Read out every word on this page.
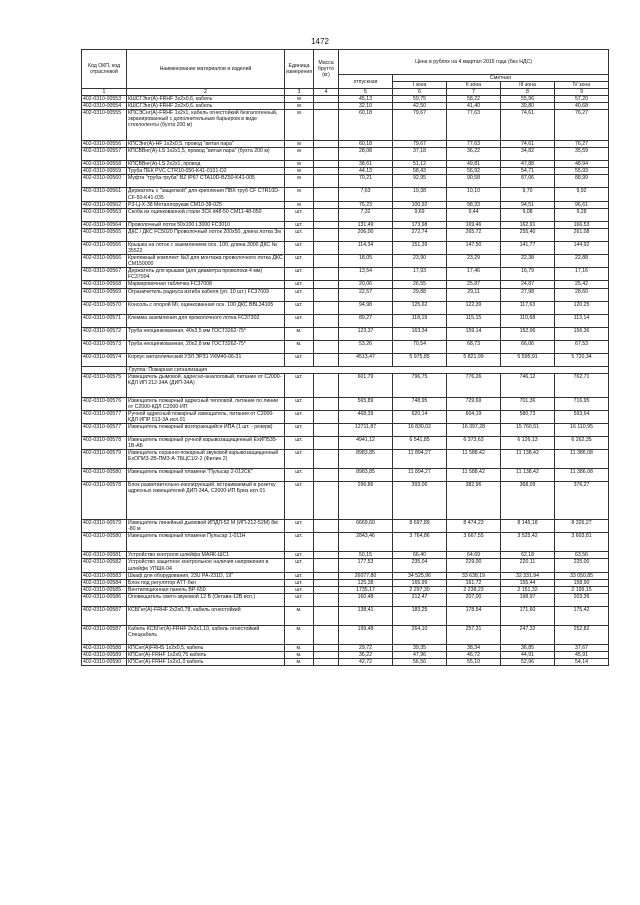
1472
Код ОКП, код отраслевой	Наименование материалов и изделий	Единица измерения	Масса брутто (кг)	Цена в рублях на 4 квартал 2015 года (без НДС)				
				отпускная	Сметная			
					I зона	II зона	III зона	IV зона
1	2	3	4	5	6	7	8	9
402-0310-00553	КШСГЭнг(А)-FRHF 3х2х0,6, кабель	м		45,13	59,75	58,22	55,96	57,20
402-0310-00554	КШСГЭнг(А)-FRHF 2х2х0,6, кабель	м		32,10	42,50	41,40	39,80	40,68
402-0310-00555	КПСЭСнг(А)-FRHF 1х2х1, кабель огнестойкий безгалогенный, экранированный с дополнительным барьером в виде стеклоленты (бухта 200 м)	м		60,18	79,67	77,63	74,61	76,27
402-0310-00556	КПСЭнг(А)-HF 1х2х0,5, провод "витая пара"	м		60,18	79,67	77,63	74,61	76,27
402-0310-00557	КПСВВнг(А)-LS 1х2х1,5, провод "витая пара" (бухта 200 м)	м		28,08	37,18	36,22	34,82	35,59
402-0310-00558	КПСВВнг(А)-LS 2х2х1, провод	м		38,61	51,12	49,81	47,88	48,94
402-0310-00559	Труба ПЕК PVC CTR10-050-K41-0101-D2	м		44,13	58,43	56,92	54,71	55,93
402-0310-00560	Муфта "труба-труба" BZ IP67 CTA10D-BZ50-K41-005	м		70,21	92,95	90,58	87,06	88,99
402-0310-00561	Держатель с "защелкой" для крепления ПВХ труб CF CTR10D-CF-50-K41-035	м		7,63	10,38	10,10	9,70	9,92
402-0310-00562	Р3-Ц-Х-38 Металлорукав СМ10-38-025	м		76,23	100,92	98,33	94,51	96,61
402-0310-00563	Скоба из оцинкованной стали ЗСК d48-50 СМ11-48-050	шт.		7,32	9,69	9,44	9,08	9,28
402-0310-00564	Проволочный лоток 50х100 L3000 FC3010	шт.		131,49	173,98	169,46	162,91	166,53
402-0310-00565	ДКС / ДКС FC5020 Проволочный лоток 200х50, длина лотка 3м	шт.		206,00	272,74	265,72	255,40	261,08
402-0310-00566	Крышка на лоток с заземлением осн. 100, длина 3000 ДКС № 35522	шт.		114,34	151,39	147,50	141,77	144,92
402-0310-00566	Крепежный комплект №3 для монтажа проволочного лотка ДКС CM150000	шт.		18,05	23,90	23,29	22,38	22,88
402-0310-00567	Держатель для крышки (для диаметра проволоки 4 мм) FC37004	шт.		13,54	17,93	17,46	16,79	17,16
402-0310-00568	Маркировочная табличка FC37008	шт.		20,06	26,55	25,87	24,87	25,42
402-0310-00569	Ограничитель радиуса изгиба кабеля (уп. 10 шт.) FC37009	шт.		22,57	29,88	29,11	27,98	28,60
402-0310-00570	Консоль с опорой MI, оцинкованная осн. 100 ДКС BBL34105	шт.		94,98	125,62	122,39	117,63	120,25
402-0310-00571	Клемма заземления для проволочного лотка FC37302	шт.		89,27	118,19	115,15	110,68	113,14
402-0310-00572	Труба неоцинкованная, 40х3,5 мм ГОСТ3262-75*	м.		123,37	163,34	159,14	152,96	156,36
402-0310-00573	Труба неоцинкованная, 20х2,8 мм ГОСТ3262-75*	м.		53,26	70,54	68,73	66,06	67,53
402-0310-00574	Корпус металлический УЗЛ ЭРЗ1 УКМ40-06-31	шт.		4513,47	5 975,85	5 821,99	5 595,91	5 720,34
	Группа: Пожарная сигнализация							
402-0310-00575	Извещатель дымовой, адресно-аналоговый, питание от С2000-КДЛ ИП 212-34А (ДИП-34А)	шт.		601,79	796,75	776,26	746,12	762,71
402-0310-00576	Извещатель пожарный адресный тепловой, питание по линии от С2000-КДЛ С2000-ИП	шт.		565,89	748,95	729,69	701,36	716,95
402-0310-00577	Ручной адресный пожарный извещатель, питание от С2000-КДЛ ИПР 513-3А исп.01	шт.		468,39	620,14	604,19	580,73	593,64
402-0310-00577	Извещатель пожарный возгорающийся ИПА (1 шт. - резерв)	шт.		12711,87	16 830,02	16 397,28	15 760,51	16 110,95
402-0310-00578	Извещатель пожарный ручной взрывозащищенный ExИП535-1В-АБ	шт.		4941,12	6 541,85	6 373,63	6 126,13	6 262,35
402-0310-00579	Извещатель охранно-пожарный звуковой взрывозащищенный ExОПИЗ-2В-ПМЗ-А-ТБЦС1/2-2 (Филин 2)	шт.		8983,85	11 894,27	11 588,42	11 138,42	11 386,08
402-0310-00580	Извещатель пожарный пламени "Пульсар 2-012СК"	шт.		8983,85	11 894,27	11 588,42	11 138,42	11 386,08
402-0310-00578	Блок разветвительно-изолирующий, встраиваемый в розетку адресных извещателей ДИП-34А, С2000-ИП Бриз исп 01	шт.		296,86	393,06	382,96	368,09	376,27
402-0310-00579	Извещатель линейный дымовой ИПДЛ-52 М (ИП-212-52М) 8м -80 м	шт.		6669,60	8 697,89	8 474,23	8 145,18	8 326,27
402-0310-00580	Извещатель пожарный пламени Пульсар 1-011Н	шт.		2843,46	3 764,86	3 667,55	3 525,42	3 603,81
402-0310-00581	Устройство контроля шлейфа МАЯК-ШС1	шт.		50,15	66,40	64,69	62,18	63,56
402-0310-00582	Устройство защитное контрольное наличия напряжения в шлейфе УПШК-04	шт.		177,53	235,04	229,00	220,11	225,00
402-0310-00583	Шкаф для оборудования, 23U РА-231D, 19"	шт.		26077,80	34 525,96	33 638,19	32 331,94	33 050,85
402-0310-00584	Блок под регулятор АТТ-бкн	шт.		125,38	165,99	161,72	155,44	158,90
402-0310-00585	Вентиляционная панель ВР-650	шт.		1735,17	2 297,30	2 238,23	2 151,32	2 199,15
402-0310-00586	Оповещатель свето-звуковой 12 В (Октава-12В исп.)	шт.		160,48	212,47	207,00	198,97	203,39
402-0310-00587	КСБГнг(А)-FRHF 2х2х0,78, кабель огнестойкий	м.		138,41	183,25	178,54	171,60	175,42
402-0310-00587	Кабель КСБГнг(А)-FRHF 2х2х1,10, кабель огнестойкий Спецкабель	м.		199,48	264,10	257,31	247,32	252,82
402-0310-00588	КПСнг(А)FRHS 1х2х0,5, кабель	м.		29,72	39,35	38,34	36,85	37,67
402-0310-00589	КПСнг(А)-FRHF 1х2х0,75 кабель	м.		36,22	47,96	46,72	44,91	45,91
402-0310-00590	КПСнг(А)-FRHF 1х2х1,0 кабель	м.		42,72	56,56	55,10	52,96	54,14
